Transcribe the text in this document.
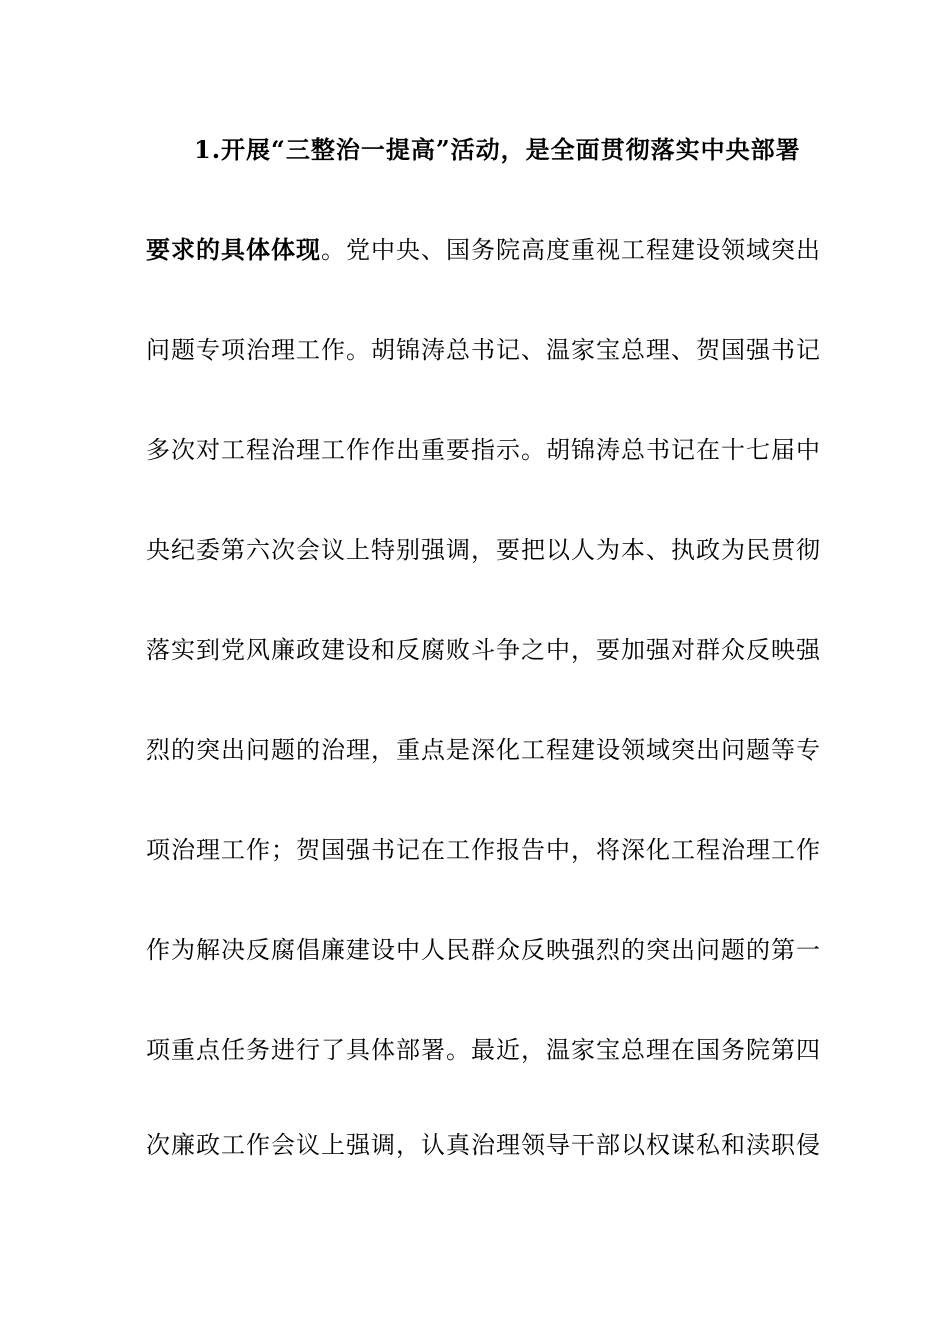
1.开展“三整治一提高”活动，是全面贯彻落实中央部署
要求的具体体现。党中央、国务院高度重视工程建设领域突出
问题专项治理工作。胡锦涛总书记、温家宝总理、贺国强书记
多次对工程治理工作作出重要指示。胡锦涛总书记在十七届中
央纪委第六次会议上特别强调，要把以人为本、执政为民贯彻
落实到党风廉政建设和反腐败斗争之中，要加强对群众反映强
烈的突出问题的治理，重点是深化工程建设领域突出问题等专
项治理工作；贺国强书记在工作报告中，将深化工程治理工作
作为解决反腐倡廉建设中人民群众反映强烈的突出问题的第一
项重点任务进行了具体部署。最近，温家宝总理在国务院第四
次廉政工作会议上强调，认真治理领导干部以权谋私和渎职侵
